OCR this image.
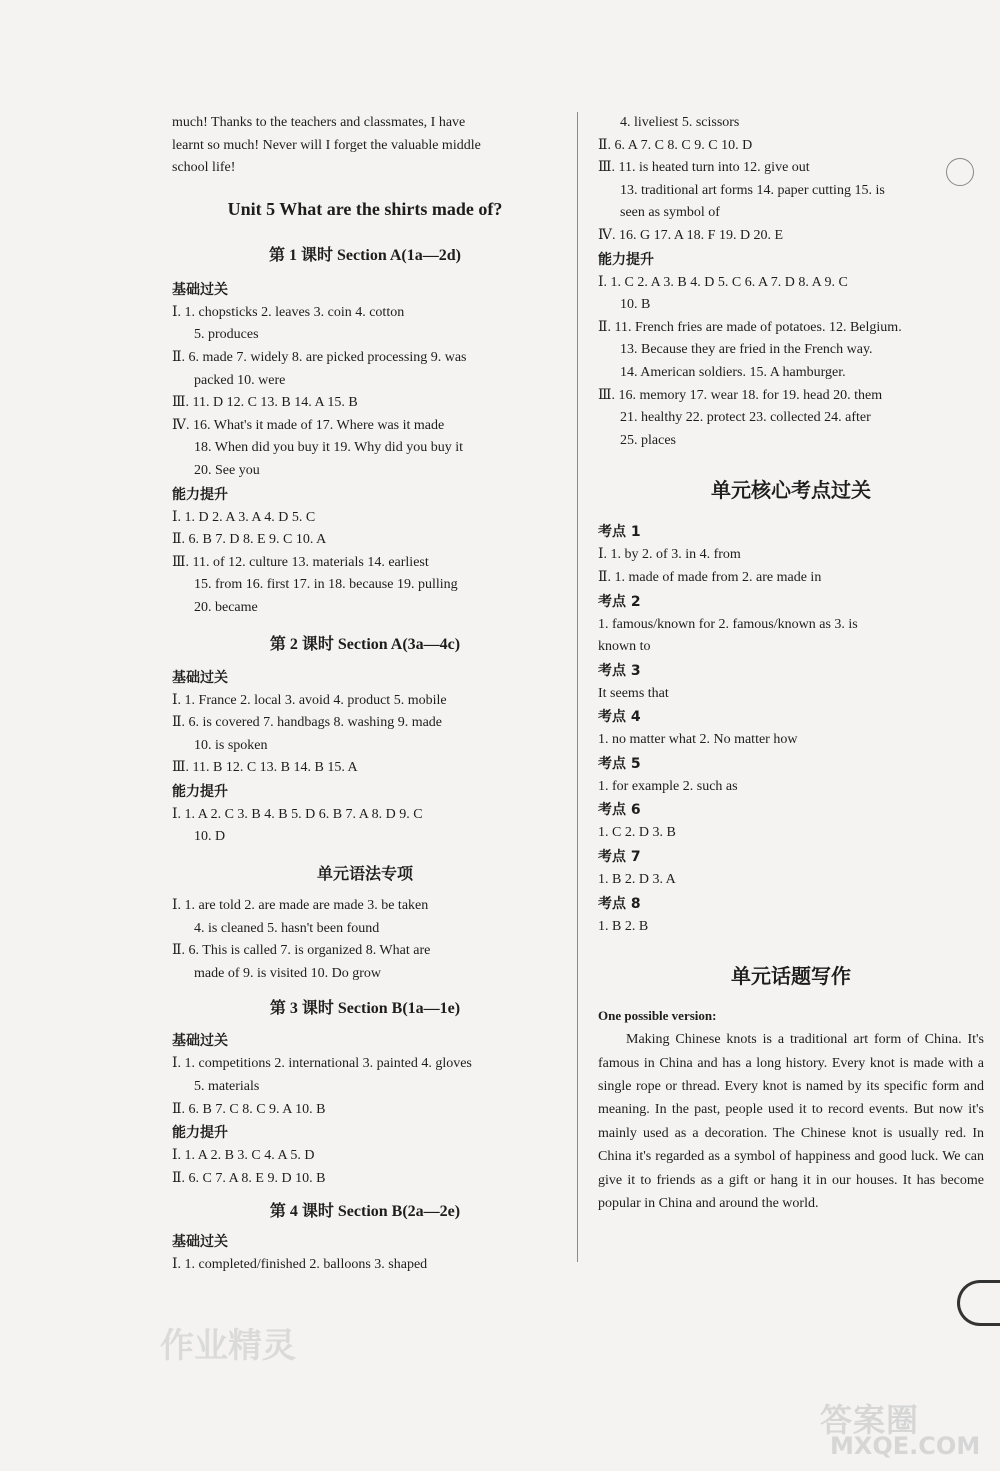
much! Thanks to the teachers and classmates, I have
learnt so much! Never will I forget the valuable middle
school life!
Unit 5 What are the shirts made of?
第 1 课时 Section A(1a—2d)
基础过关
Ⅰ. 1. chopsticks 2. leaves 3. coin 4. cotton
5. produces
Ⅱ. 6. made 7. widely 8. are picked processing 9. was
packed 10. were
Ⅲ. 11. D 12. C 13. B 14. A 15. B
Ⅳ. 16. What's it made of 17. Where was it made
18. When did you buy it 19. Why did you buy it
20. See you
能力提升
Ⅰ. 1. D 2. A 3. A 4. D 5. C
Ⅱ. 6. B 7. D 8. E 9. C 10. A
Ⅲ. 11. of 12. culture 13. materials 14. earliest
15. from 16. first 17. in 18. because 19. pulling
20. became
第 2 课时 Section A(3a—4c)
基础过关
Ⅰ. 1. France 2. local 3. avoid 4. product 5. mobile
Ⅱ. 6. is covered 7. handbags 8. washing 9. made
10. is spoken
Ⅲ. 11. B 12. C 13. B 14. B 15. A
能力提升
Ⅰ. 1. A 2. C 3. B 4. B 5. D 6. B 7. A 8. D 9. C
10. D
单元语法专项
Ⅰ. 1. are told 2. are made are made 3. be taken
4. is cleaned 5. hasn't been found
Ⅱ. 6. This is called 7. is organized 8. What are
made of 9. is visited 10. Do grow
第 3 课时 Section B(1a—1e)
基础过关
Ⅰ. 1. competitions 2. international 3. painted 4. gloves
5. materials
Ⅱ. 6. B 7. C 8. C 9. A 10. B
能力提升
Ⅰ. 1. A 2. B 3. C 4. A 5. D
Ⅱ. 6. C 7. A 8. E 9. D 10. B
第 4 课时 Section B(2a—2e)
基础过关
Ⅰ. 1. completed/finished 2. balloons 3. shaped
4. liveliest 5. scissors
Ⅱ. 6. A 7. C 8. C 9. C 10. D
Ⅲ. 11. is heated turn into 12. give out
13. traditional art forms 14. paper cutting 15. is
seen as symbol of
Ⅳ. 16. G 17. A 18. F 19. D 20. E
能力提升
Ⅰ. 1. C 2. A 3. B 4. D 5. C 6. A 7. D 8. A 9. C
10. B
Ⅱ. 11. French fries are made of potatoes. 12. Belgium.
13. Because they are fried in the French way.
14. American soldiers. 15. A hamburger.
Ⅲ. 16. memory 17. wear 18. for 19. head 20. them
21. healthy 22. protect 23. collected 24. after
25. places
单元核心考点过关
考点 1
Ⅰ. 1. by 2. of 3. in 4. from
Ⅱ. 1. made of made from 2. are made in
考点 2
1. famous/known for 2. famous/known as 3. is
known to
考点 3
It seems that
考点 4
1. no matter what 2. No matter how
考点 5
1. for example 2. such as
考点 6
1. C 2. D 3. B
考点 7
1. B 2. D 3. A
考点 8
1. B 2. B
单元话题写作
One possible version:
Making Chinese knots is a traditional art form of China. It's famous in China and has a long history. Every knot is made with a single rope or thread. Every knot is named by its specific form and meaning. In the past, people used it to record events. But now it's mainly used as a decoration. The Chinese knot is usually red. In China it's regarded as a symbol of happiness and good luck. We can give it to friends as a gift or hang it in our houses. It has become popular in China and around the world.
作业精灵
答案圈
MXQE.COM
